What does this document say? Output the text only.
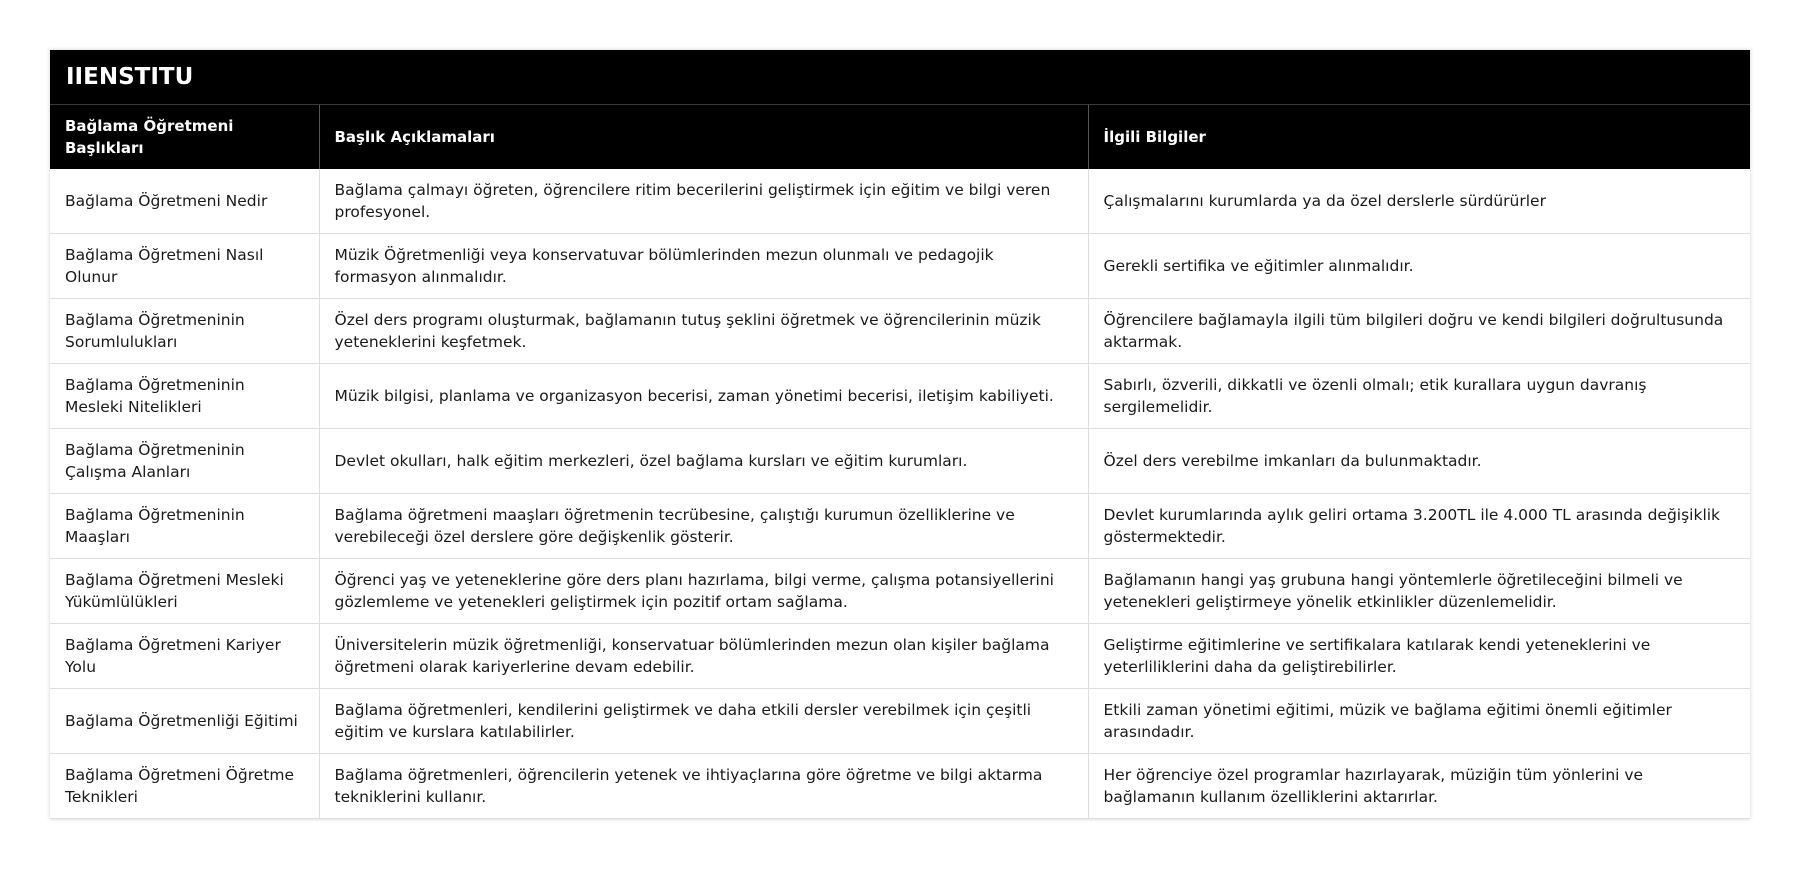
IIENSTITU
Bağlama Öğretmeni Başlıkları	Başlık Açıklamaları	İlgili Bilgiler
Bağlama Öğretmeni Nedir	Bağlama çalmayı öğreten, öğrencilere ritim becerilerini geliştirmek için eğitim ve bilgi veren profesyonel.	Çalışmalarını kurumlarda ya da özel derslerle sürdürürler
Bağlama Öğretmeni Nasıl Olunur	Müzik Öğretmenliği veya konservatuvar bölümlerinden mezun olunmalı ve pedagojik formasyon alınmalıdır.	Gerekli sertifika ve eğitimler alınmalıdır.
Bağlama Öğretmeninin Sorumlulukları	Özel ders programı oluşturmak, bağlamanın tutuş şeklini öğretmek ve öğrencilerinin müzik yeteneklerini keşfetmek.	Öğrencilere bağlamayla ilgili tüm bilgileri doğru ve kendi bilgileri doğrultusunda aktarmak.
Bağlama Öğretmeninin Mesleki Nitelikleri	Müzik bilgisi, planlama ve organizasyon becerisi, zaman yönetimi becerisi, iletişim kabiliyeti.	Sabırlı, özverili, dikkatli ve özenli olmalı; etik kurallara uygun davranış sergilemelidir.
Bağlama Öğretmeninin Çalışma Alanları	Devlet okulları, halk eğitim merkezleri, özel bağlama kursları ve eğitim kurumları.	Özel ders verebilme imkanları da bulunmaktadır.
Bağlama Öğretmeninin Maaşları	Bağlama öğretmeni maaşları öğretmenin tecrübesine, çalıştığı kurumun özelliklerine ve verebileceği özel derslere göre değişkenlik gösterir.	Devlet kurumlarında aylık geliri ortama 3.200TL ile 4.000 TL arasında değişiklik göstermektedir.
Bağlama Öğretmeni Mesleki Yükümlülükleri	Öğrenci yaş ve yeteneklerine göre ders planı hazırlama, bilgi verme, çalışma potansiyellerini gözlemleme ve yetenekleri geliştirmek için pozitif ortam sağlama.	Bağlamanın hangi yaş grubuna hangi yöntemlerle öğretileceğini bilmeli ve yetenekleri geliştirmeye yönelik etkinlikler düzenlemelidir.
Bağlama Öğretmeni Kariyer Yolu	Üniversitelerin müzik öğretmenliği, konservatuar bölümlerinden mezun olan kişiler bağlama öğretmeni olarak kariyerlerine devam edebilir.	Geliştirme eğitimlerine ve sertifikalara katılarak kendi yeteneklerini ve yeterliliklerini daha da geliştirebilirler.
Bağlama Öğretmenliği Eğitimi	Bağlama öğretmenleri, kendilerini geliştirmek ve daha etkili dersler verebilmek için çeşitli eğitim ve kurslara katılabilirler.	Etkili zaman yönetimi eğitimi, müzik ve bağlama eğitimi önemli eğitimler arasındadır.
Bağlama Öğretmeni Öğretme Teknikleri	Bağlama öğretmenleri, öğrencilerin yetenek ve ihtiyaçlarına göre öğretme ve bilgi aktarma tekniklerini kullanır.	Her öğrenciye özel programlar hazırlayarak, müziğin tüm yönlerini ve bağlamanın kullanım özelliklerini aktarırlar.
